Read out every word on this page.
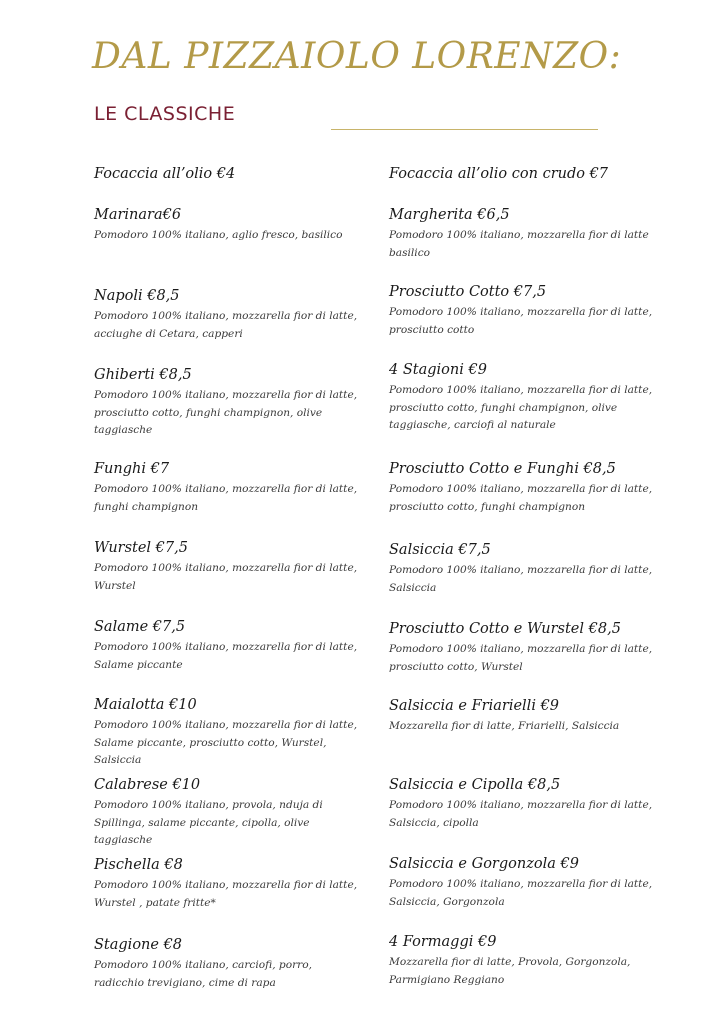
DAL PIZZAIOLO LORENZO:
LE CLASSICHE
Focaccia all’olio €4
Marinara€6
Pomodoro 100% italiano, aglio fresco, basilico
Napoli €8,5
Pomodoro 100% italiano, mozzarella fior di latte, acciughe di Cetara, capperi
Ghiberti €8,5
Pomodoro 100% italiano, mozzarella fior di latte, prosciutto cotto, funghi champignon, olive taggiasche
Funghi €7
Pomodoro 100% italiano, mozzarella fior di latte, funghi champignon
Wurstel €7,5
Pomodoro 100% italiano, mozzarella fior di latte, Wurstel
Salame €7,5
Pomodoro 100% italiano, mozzarella fior di latte, Salame piccante
Maialotta €10
Pomodoro 100% italiano, mozzarella fior di latte, Salame piccante, prosciutto cotto, Wurstel, Salsiccia
Calabrese €10
Pomodoro 100% italiano, provola, nduja di Spillinga, salame piccante, cipolla, olive taggiasche
Pischella €8
Pomodoro 100% italiano, mozzarella fior di latte, Wurstel , patate fritte*
Stagione €8
Pomodoro 100% italiano, carciofi, porro, radicchio trevigiano, cime di rapa
Focaccia all’olio con crudo €7
Margherita €6,5
Pomodoro 100% italiano, mozzarella fior di latte basilico
Prosciutto Cotto €7,5
Pomodoro 100% italiano, mozzarella fior di latte, prosciutto cotto
4 Stagioni €9
Pomodoro 100% italiano, mozzarella fior di latte, prosciutto cotto, funghi champignon, olive taggiasche, carciofi al naturale
Prosciutto Cotto e Funghi €8,5
Pomodoro 100% italiano, mozzarella fior di latte, prosciutto cotto, funghi champignon
Salsiccia €7,5
Pomodoro 100% italiano, mozzarella fior di latte, Salsiccia
Prosciutto Cotto e Wurstel €8,5
Pomodoro 100% italiano, mozzarella fior di latte, prosciutto cotto, Wurstel
Salsiccia e Friarielli €9
Mozzarella fior di latte, Friarielli, Salsiccia
Salsiccia e Cipolla €8,5
Pomodoro 100% italiano, mozzarella fior di latte, Salsiccia, cipolla
Salsiccia e Gorgonzola €9
Pomodoro 100% italiano, mozzarella fior di latte, Salsiccia, Gorgonzola
4 Formaggi €9
Mozzarella fior di latte, Provola, Gorgonzola, Parmigiano Reggiano
